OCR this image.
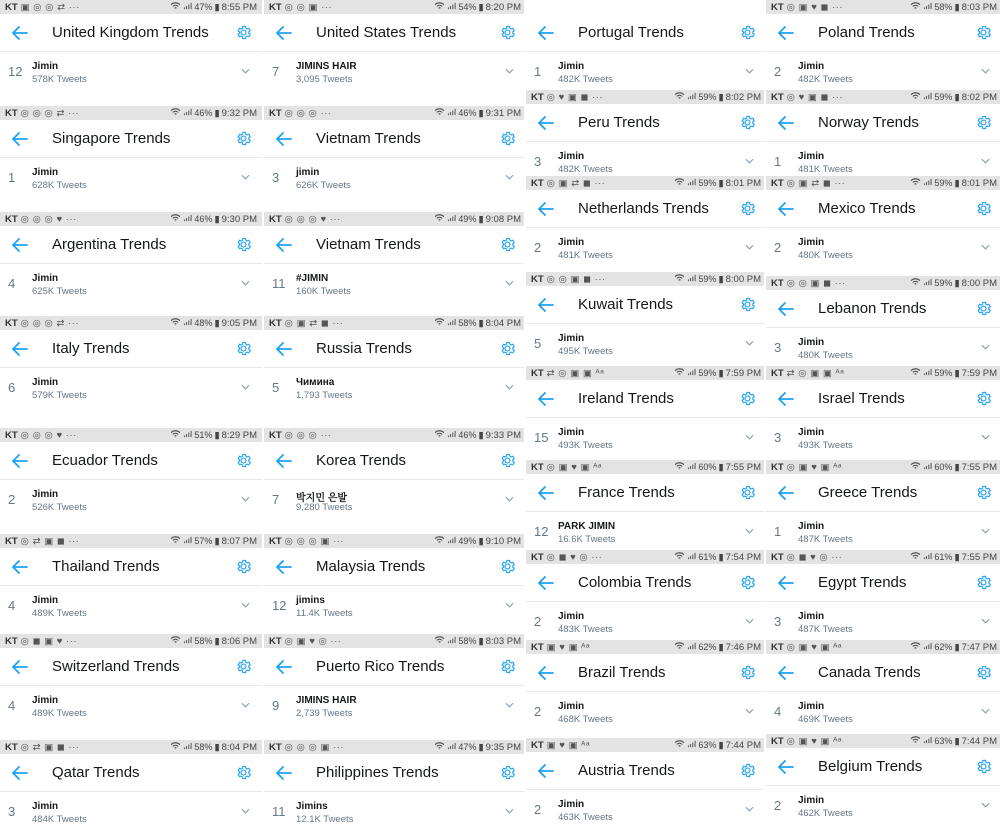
KT ▣ ◎ ◎ ⇄ ···	47% ▮ 8:55 PM
United Kingdom Trends
12 Jimin
578K Tweets
KT ◎ ◎ ◎ ⇄ ···	46% ▮ 9:32 PM
Singapore Trends
1 Jimin
628K Tweets
KT ◎ ◎ ◎ ♥ ···	46% ▮ 9:30 PM
Argentina Trends
4 Jimin
625K Tweets
KT ◎ ◎ ◎ ⇄ ···	48% ▮ 9:05 PM
Italy Trends
6 Jimin
579K Tweets
KT ◎ ◎ ◎ ♥ ···	51% ▮ 8:29 PM
Ecuador Trends
2 Jimin
526K Tweets
KT ◎ ⇄ ▣ ◼ ···	57% ▮ 8:07 PM
Thailand Trends
4 Jimin
489K Tweets
KT ◎ ◼ ▣ ♥ ···	58% ▮ 8:06 PM
Switzerland Trends
4 Jimin
489K Tweets
KT ◎ ⇄ ▣ ◼ ···	58% ▮ 8:04 PM
Qatar Trends
3 Jimin
484K Tweets
KT ◎ ◎ ▣ ···	54% ▮ 8:20 PM
United States Trends
7 JIMINS HAIR
3,095 Tweets
KT ◎ ◎ ◎ ···	46% ▮ 9:31 PM
Vietnam Trends
3 jimin
626K Tweets
KT ◎ ◎ ◎ ♥ ···	49% ▮ 9:08 PM
Vietnam Trends
11 #JIMIN
160K Tweets
KT ◎ ▣ ⇄ ◼ ···	58% ▮ 8:04 PM
Russia Trends
5 Чимина
1,793 Tweets
KT ◎ ◎ ◎ ···	46% ▮ 9:33 PM
Korea Trends
7 박지민 은발
9,280 Tweets
KT ◎ ◎ ◎ ▣ ···	49% ▮ 9:10 PM
Malaysia Trends
12 jimins
11.4K Tweets
KT ◎ ▣ ♥ ◎ ···	58% ▮ 8:03 PM
Puerto Rico Trends
9 JIMINS HAIR
2,739 Tweets
KT ◎ ◎ ◎ ▣ ···	47% ▮ 9:35 PM
Philippines Trends
11 Jimins
12.1K Tweets
Portugal Trends
1 Jimin
482K Tweets
KT ◎ ♥ ▣ ◼ ···	59% ▮ 8:02 PM
Peru Trends
3 Jimin
482K Tweets
KT ◎ ▣ ⇄ ◼ ···	59% ▮ 8:01 PM
Netherlands Trends
2 Jimin
481K Tweets
KT ◎ ◎ ▣ ◼ ···	59% ▮ 8:00 PM
Kuwait Trends
5 Jimin
495K Tweets
KT ⇄ ◎ ▣ ▣ ᴬᵃ	59% ▮ 7:59 PM
Ireland Trends
15 Jimin
493K Tweets
KT ◎ ▣ ♥ ▣ ᴬᵃ	60% ▮ 7:55 PM
France Trends
12 PARK JIMIN
16.6K Tweets
KT ◎ ◼ ♥ ◎ ···	61% ▮ 7:54 PM
Colombia Trends
2 Jimin
483K Tweets
KT ▣ ♥ ▣ ᴬᵃ	62% ▮ 7:46 PM
Brazil Trends
2 Jimin
468K Tweets
KT ▣ ♥ ▣ ᴬᵃ	63% ▮ 7:44 PM
Austria Trends
2 Jimin
463K Tweets
KT ◎ ▣ ♥ ◼ ···	58% ▮ 8:03 PM
Poland Trends
2 Jimin
482K Tweets
KT ◎ ♥ ▣ ◼ ···	59% ▮ 8:02 PM
Norway Trends
1 Jimin
481K Tweets
KT ◎ ▣ ⇄ ◼ ···	59% ▮ 8:01 PM
Mexico Trends
2 Jimin
480K Tweets
KT ◎ ◎ ▣ ◼ ···	59% ▮ 8:00 PM
Lebanon Trends
3 Jimin
480K Tweets
KT ⇄ ◎ ▣ ▣ ᴬᵃ	59% ▮ 7:59 PM
Israel Trends
3 Jimin
493K Tweets
KT ◎ ▣ ♥ ▣ ᴬᵃ	60% ▮ 7:55 PM
Greece Trends
1 Jimin
487K Tweets
KT ◎ ◼ ♥ ◎ ···	61% ▮ 7:55 PM
Egypt Trends
3 Jimin
487K Tweets
KT ◎ ▣ ♥ ▣ ᴬᵃ	62% ▮ 7:47 PM
Canada Trends
4 Jimin
469K Tweets
KT ◎ ▣ ♥ ▣ ᴬᵃ	63% ▮ 7:44 PM
Belgium Trends
2 Jimin
462K Tweets
